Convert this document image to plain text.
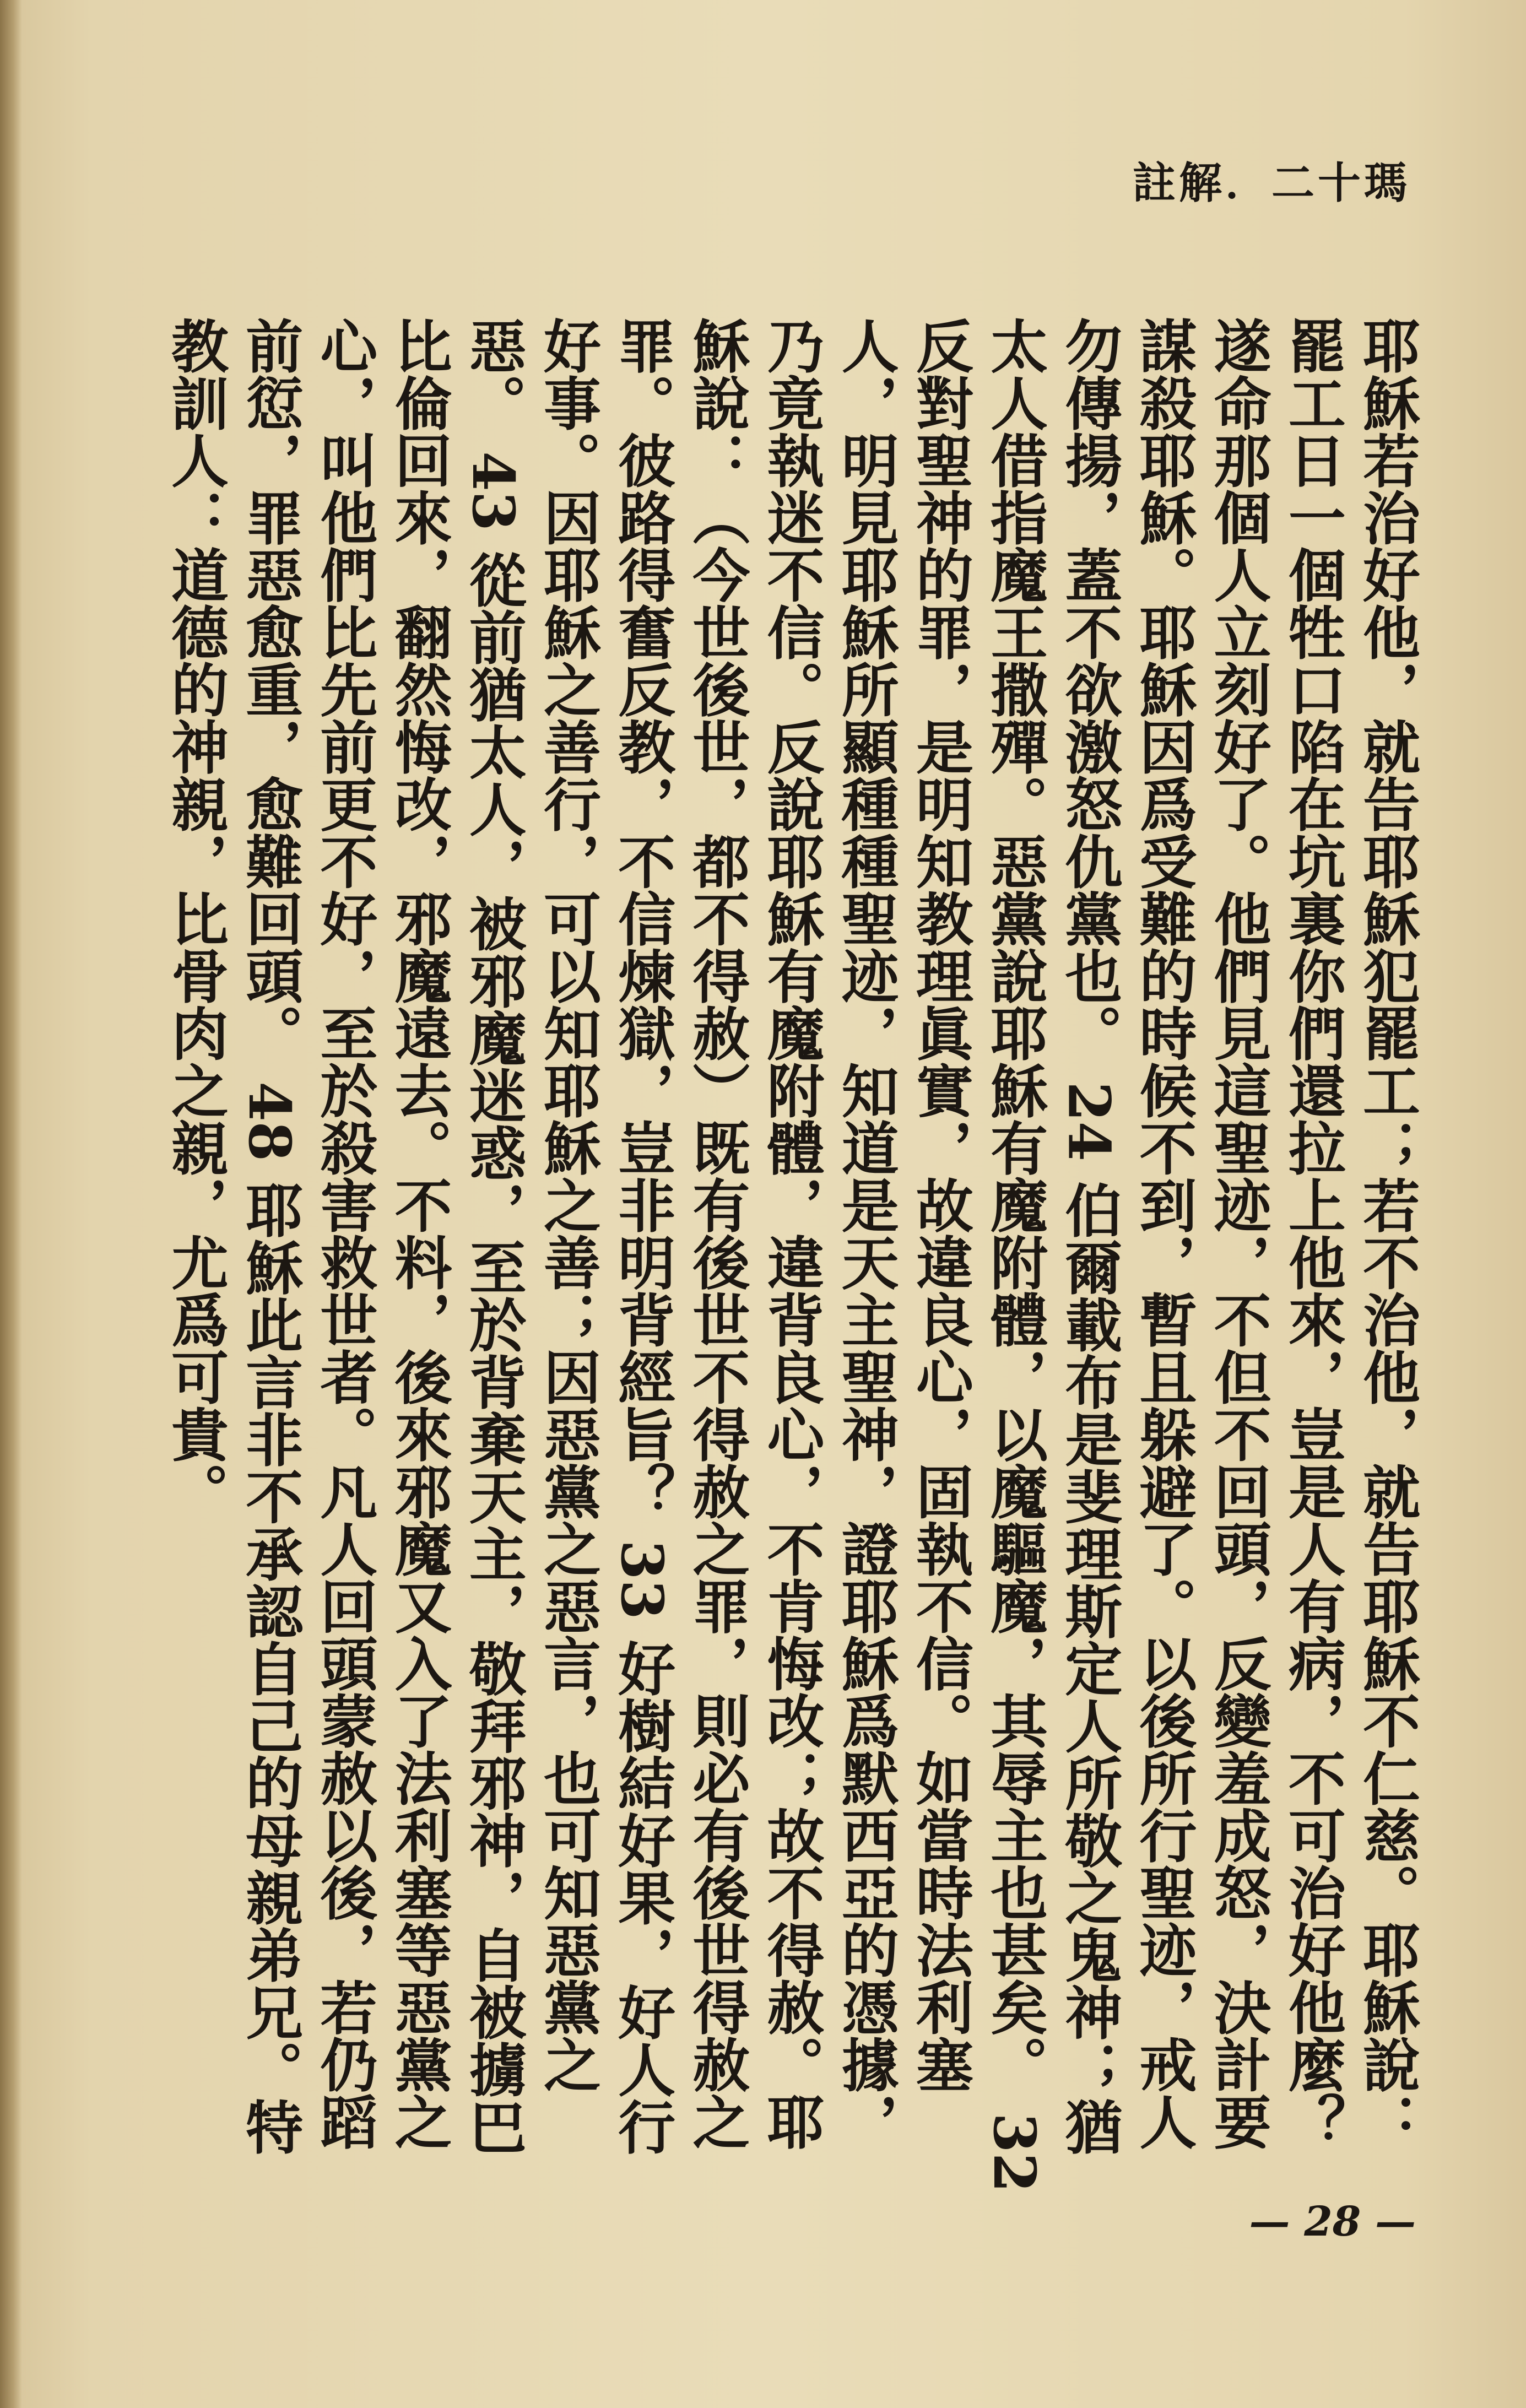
註解．二十瑪
耶穌若治好他，就告耶穌犯罷工；若不治他，就告耶穌不仁慈。耶穌說：罷工日一個牲口陷在坑裏你們還拉上他來，豈是人有病，不可治好他麼？遂命那個人立刻好了。他們見這聖迹，不但不回頭，反變羞成怒，決計要謀殺耶穌。耶穌因爲受難的時候不到，暫且躲避了。以後所行聖迹，戒人勿傳揚，蓋不欲激怒仇黨也。 24 伯爾載布是斐理斯定人所敬之鬼神；猶太人借指魔王撒殫。惡黨說耶穌有魔附體，以魔驅魔，其辱主也甚矣。 32 反對聖神的罪，是明知教理眞實，故違良心，固執不信。如當時法利塞人，明見耶穌所顯種種聖迹，知道是天主聖神，證耶穌爲默西亞的憑據，乃竟執迷不信。反說耶穌有魔附體，違背良心，不肯悔改；故不得赦。耶穌說：（今世後世，都不得赦）既有後世不得赦之罪，則必有後世得赦之罪。彼路得奮反教，不信煉獄，豈非明背經旨？ 33 好樹結好果，好人行好事。因耶穌之善行，可以知耶穌之善；因惡黨之惡言，也可知惡黨之惡。 43 從前猶太人，被邪魔迷惑，至於背棄天主，敬拜邪神，自被擄巴比倫回來，翻然悔改，邪魔遠去。不料，後來邪魔又入了法利塞等惡黨之心，叫他們比先前更不好，至於殺害救世者。凡人回頭蒙赦以後，若仍蹈前愆，罪惡愈重，愈難回頭。 48 耶穌此言非不承認自己的母親弟兄。特教訓人：道德的神親，比骨肉之親，尤爲可貴。
— 28 —
